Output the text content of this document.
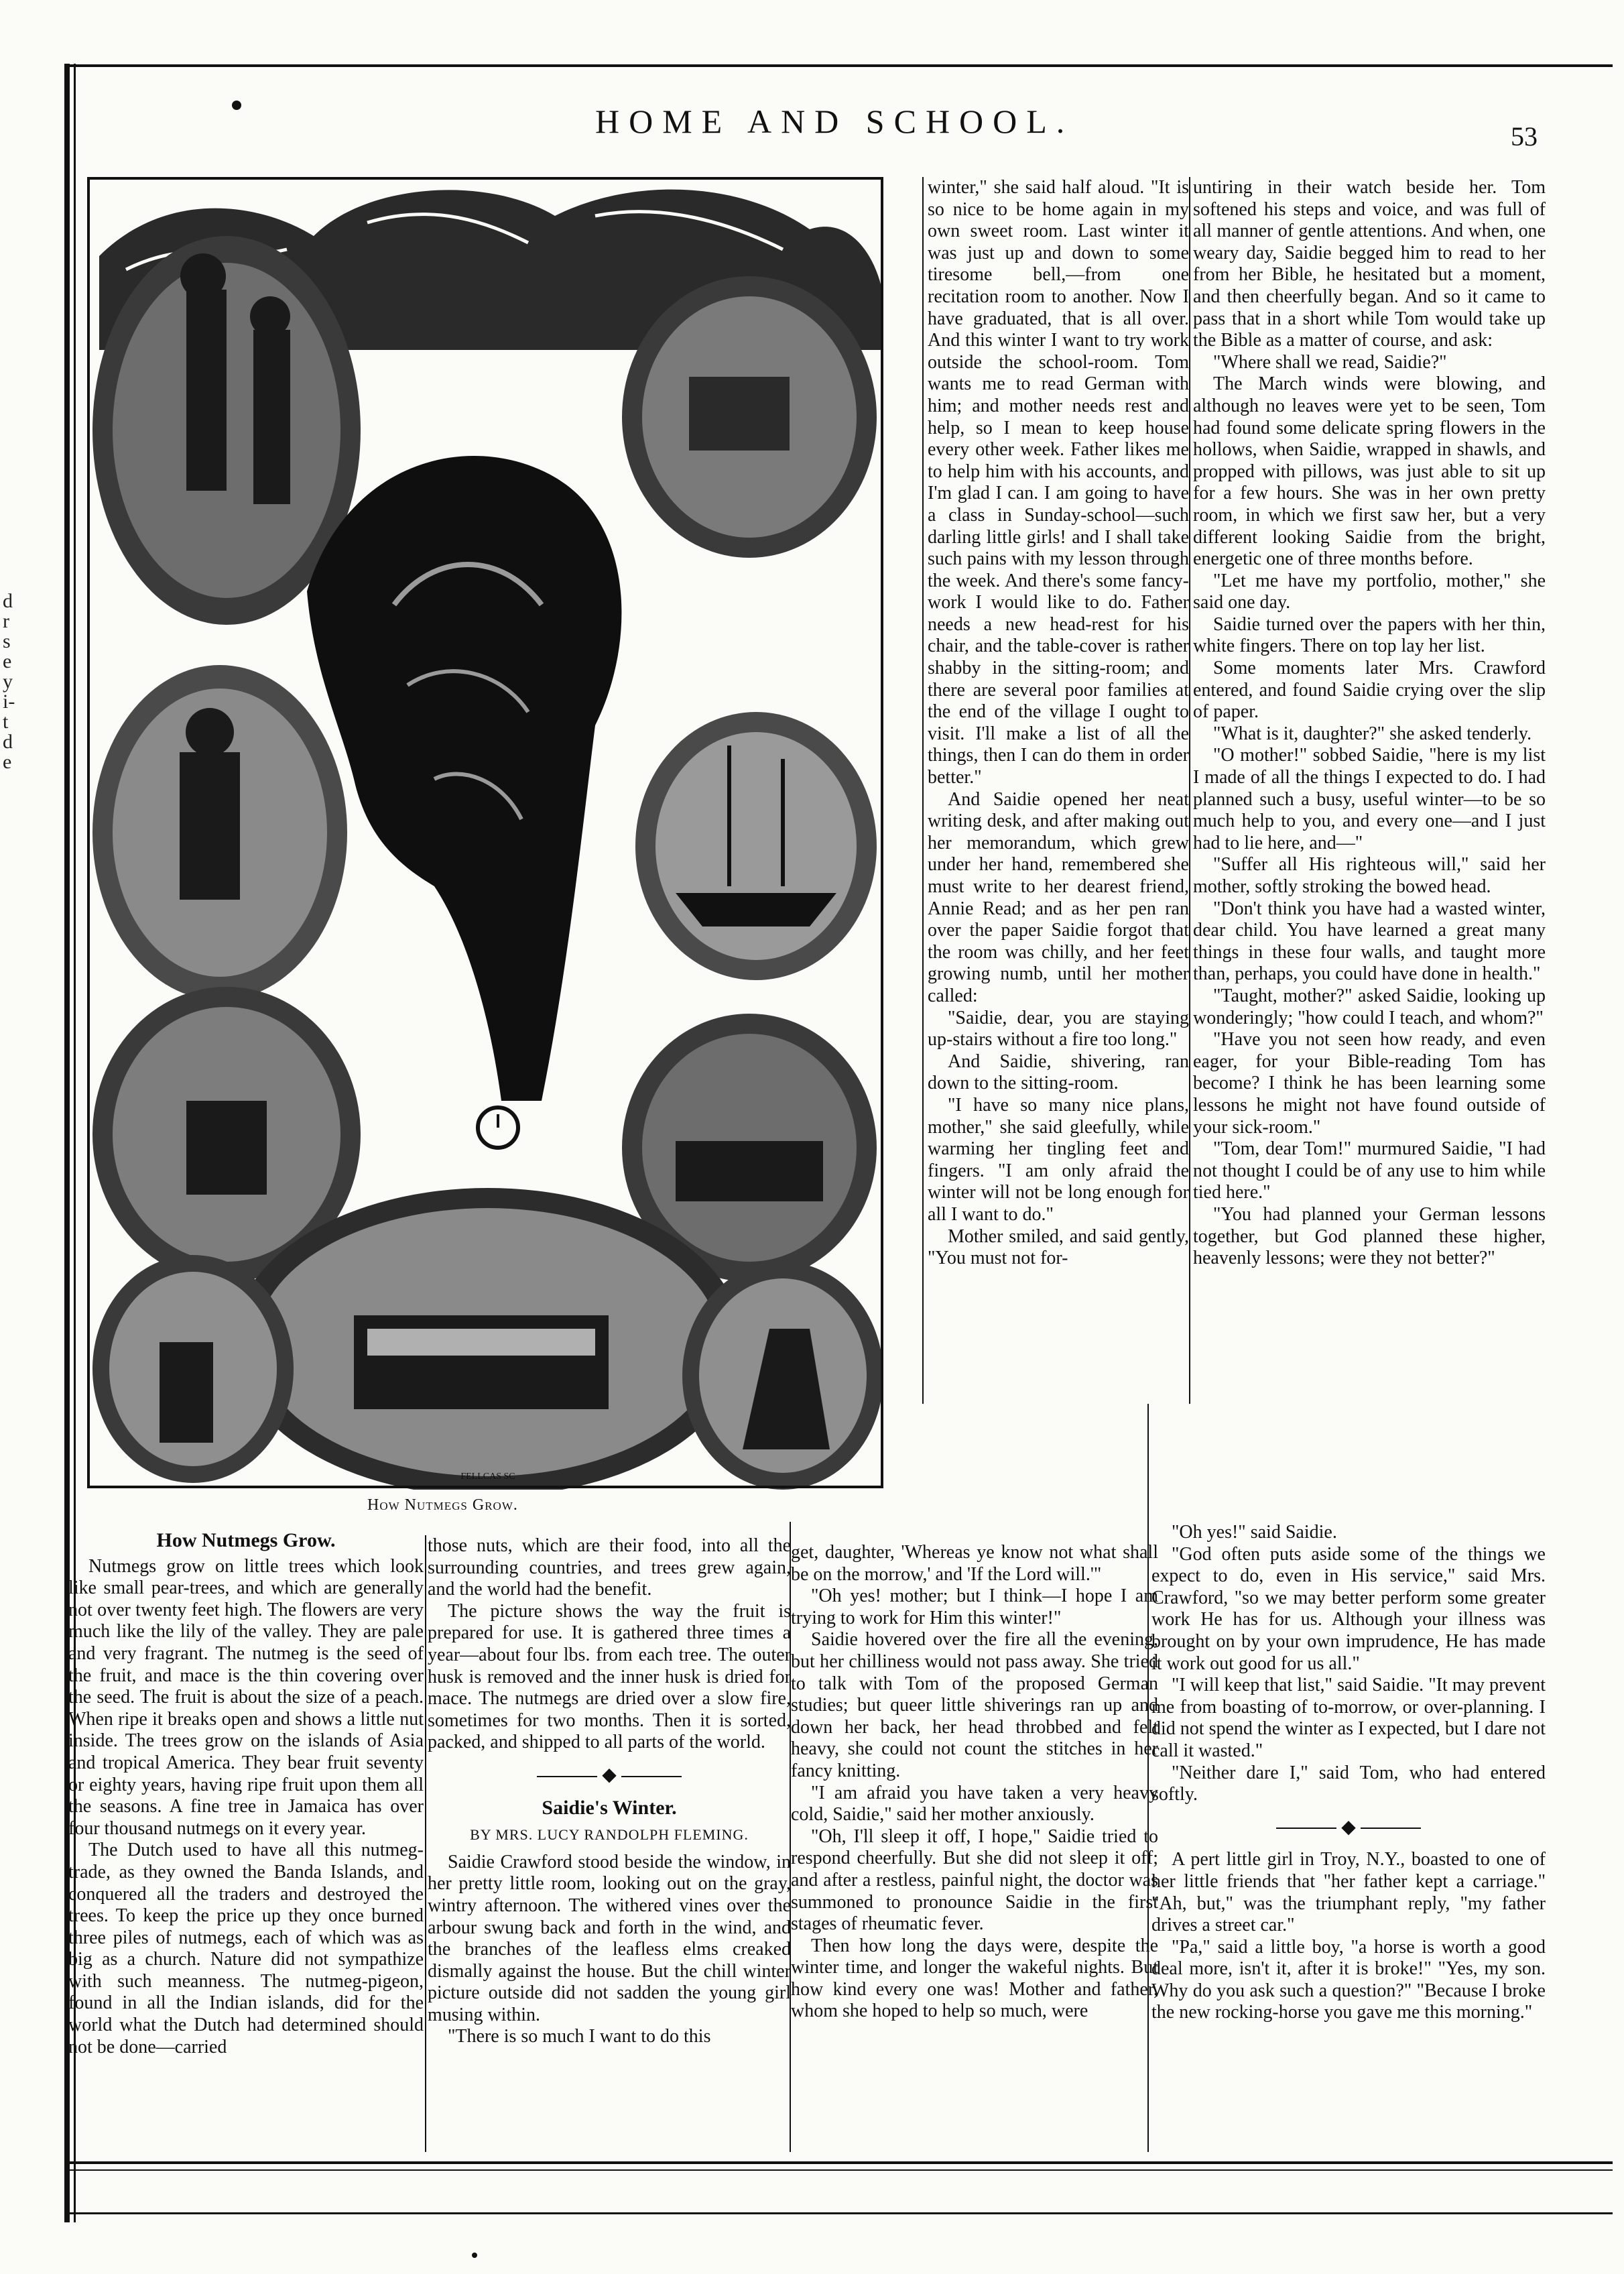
d
r
s
e
y
i-
t
d
e
HOME AND SCHOOL.	53
FELLCAS SC
How Nutmegs Grow.

winter," she said half aloud. "It is so nice to be home again in my own sweet room. Last winter it was just up and down to some tiresome bell,—from one recitation room to another. Now I have graduated, that is all over. And this winter I want to try work outside the school-room. Tom wants me to read German with him; and mother needs rest and help, so I mean to keep house every other week. Father likes me to help him with his accounts, and I'm glad I can. I am going to have a class in Sunday-school—such darling little girls! and I shall take such pains with my lesson through the week. And there's some fancy-work I would like to do. Father needs a new head-rest for his chair, and the table-cover is rather shabby in the sitting-room; and there are several poor families at the end of the village I ought to visit. I'll make a list of all the things, then I can do them in order better."

And Saidie opened her neat writing desk, and after making out her memorandum, which grew under her hand, remembered she must write to her dearest friend, Annie Read; and as her pen ran over the paper Saidie forgot that the room was chilly, and her feet growing numb, until her mother called:

"Saidie, dear, you are staying up-stairs without a fire too long."

And Saidie, shivering, ran down to the sitting-room.

"I have so many nice plans, mother," she said gleefully, while warming her tingling feet and fingers. "I am only afraid the winter will not be long enough for all I want to do."

Mother smiled, and said gently, "You must not for-

untiring in their watch beside her. Tom softened his steps and voice, and was full of all manner of gentle attentions. And when, one weary day, Saidie begged him to read to her from her Bible, he hesitated but a moment, and then cheerfully began. And so it came to pass that in a short while Tom would take up the Bible as a matter of course, and ask:

"Where shall we read, Saidie?"

The March winds were blowing, and although no leaves were yet to be seen, Tom had found some delicate spring flowers in the hollows, when Saidie, wrapped in shawls, and propped with pillows, was just able to sit up for a few hours. She was in her own pretty room, in which we first saw her, but a very different looking Saidie from the bright, energetic one of three months before.

"Let me have my portfolio, mother," she said one day.

Saidie turned over the papers with her thin, white fingers. There on top lay her list.

Some moments later Mrs. Crawford entered, and found Saidie crying over the slip of paper.

"What is it, daughter?" she asked tenderly.

"O mother!" sobbed Saidie, "here is my list I made of all the things I expected to do. I had planned such a busy, useful winter—to be so much help to you, and every one—and I just had to lie here, and—"

"Suffer all His righteous will," said her mother, softly stroking the bowed head.

"Don't think you have had a wasted winter, dear child. You have learned a great many things in these four walls, and taught more than, perhaps, you could have done in health."

"Taught, mother?" asked Saidie, looking up wonderingly; "how could I teach, and whom?"

"Have you not seen how ready, and even eager, for your Bible-reading Tom has become? I think he has been learning some lessons he might not have found outside of your sick-room."

"Tom, dear Tom!" murmured Saidie, "I had not thought I could be of any use to him while tied here."

"You had planned your German lessons together, but God planned these higher, heavenly lessons; were they not better?"

get, daughter, 'Whereas ye know not what shall be on the morrow,' and 'If the Lord will.'"

"Oh yes! mother; but I think—I hope I am trying to work for Him this winter!"

Saidie hovered over the fire all the evening, but her chilliness would not pass away. She tried to talk with Tom of the proposed German studies; but queer little shiverings ran up and down her back, her head throbbed and felt heavy, she could not count the stitches in her fancy knitting.

"I am afraid you have taken a very heavy cold, Saidie," said her mother anxiously.

"Oh, I'll sleep it off, I hope," Saidie tried to respond cheerfully. But she did not sleep it off; and after a restless, painful night, the doctor was summoned to pronounce Saidie in the first stages of rheumatic fever.

Then how long the days were, despite the winter time, and longer the wakeful nights. But how kind every one was! Mother and father, whom she hoped to help so much, were

"Oh yes!" said Saidie.

"God often puts aside some of the things we expect to do, even in His service," said Mrs. Crawford, "so we may better perform some greater work He has for us. Although your illness was brought on by your own imprudence, He has made it work out good for us all."

"I will keep that list," said Saidie. "It may prevent me from boasting of to-morrow, or over-planning. I did not spend the winter as I expected, but I dare not call it wasted."

"Neither dare I," said Tom, who had entered softly.

◆

A pert little girl in Troy, N.Y., boasted to one of her little friends that "her father kept a carriage." "Ah, but," was the triumphant reply, "my father drives a street car."

"Pa," said a little boy, "a horse is worth a good deal more, isn't it, after it is broke!" "Yes, my son. Why do you ask such a question?" "Because I broke the new rocking-horse you gave me this morning."

How Nutmegs Grow.

Nutmegs grow on little trees which look like small pear-trees, and which are generally not over twenty feet high. The flowers are very much like the lily of the valley. They are pale and very fragrant. The nutmeg is the seed of the fruit, and mace is the thin covering over the seed. The fruit is about the size of a peach. When ripe it breaks open and shows a little nut inside. The trees grow on the islands of Asia and tropical America. They bear fruit seventy or eighty years, having ripe fruit upon them all the seasons. A fine tree in Jamaica has over four thousand nutmegs on it every year.

The Dutch used to have all this nutmeg-trade, as they owned the Banda Islands, and conquered all the traders and destroyed the trees. To keep the price up they once burned three piles of nutmegs, each of which was as big as a church. Nature did not sympathize with such meanness. The nutmeg-pigeon, found in all the Indian islands, did for the world what the Dutch had determined should not be done—carried

those nuts, which are their food, into all the surrounding countries, and trees grew again, and the world had the benefit.

The picture shows the way the fruit is prepared for use. It is gathered three times a year—about four lbs. from each tree. The outer husk is removed and the inner husk is dried for mace. The nutmegs are dried over a slow fire, sometimes for two months. Then it is sorted, packed, and shipped to all parts of the world.

◆
Saidie's Winter.
BY MRS. LUCY RANDOLPH FLEMING.

Saidie Crawford stood beside the window, in her pretty little room, looking out on the gray, wintry afternoon. The withered vines over the arbour swung back and forth in the wind, and the branches of the leafless elms creaked dismally against the house. But the chill winter picture outside did not sadden the young girl musing within.

"There is so much I want to do this
